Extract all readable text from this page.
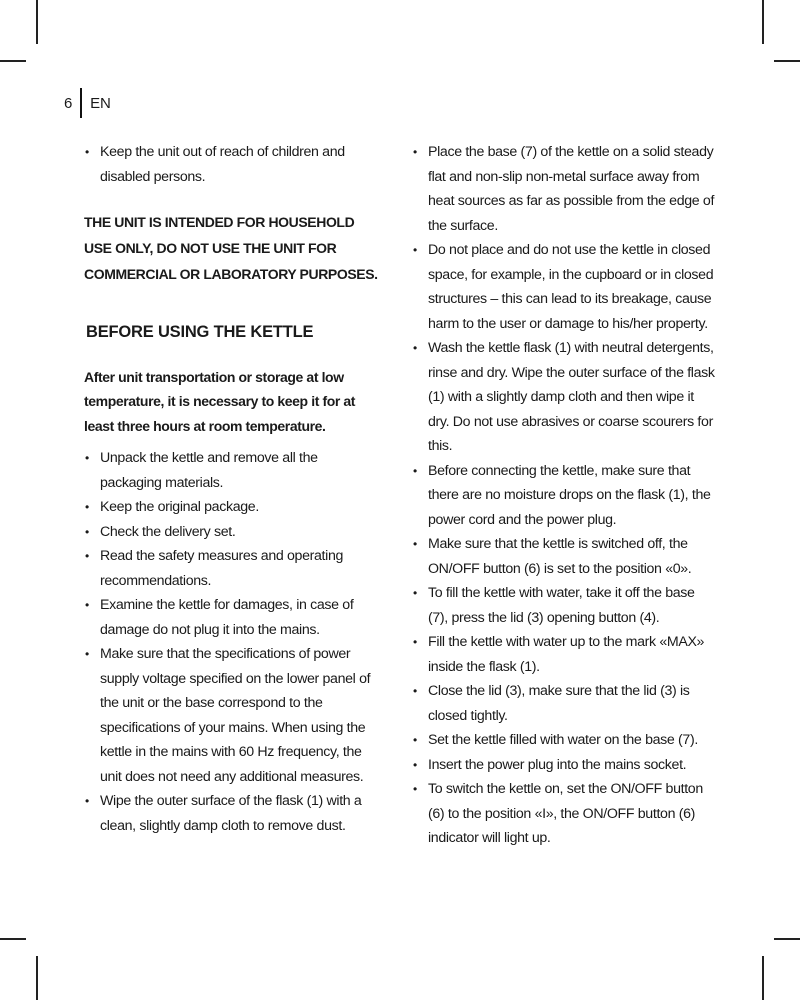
6 EN
• Keep the unit out of reach of children and disabled persons.

THE UNIT IS INTENDED FOR HOUSEHOLD USE ONLY, DO NOT USE THE UNIT FOR COMMERCIAL OR LABORATORY PURPOSES.

BEFORE USING THE KETTLE

After unit transportation or storage at low temperature, it is necessary to keep it for at least three hours at room temperature.

• Unpack the kettle and remove all the packaging materials.
• Keep the original package.
• Check the delivery set.
• Read the safety measures and operating recommendations.
• Examine the kettle for damages, in case of damage do not plug it into the mains.
• Make sure that the specifications of power supply voltage specified on the lower panel of the unit or the base correspond to the specifications of your mains. When using the kettle in the mains with 60 Hz frequency, the unit does not need any additional measures.
• Wipe the outer surface of the flask (1) with a clean, slightly damp cloth to remove dust.
• Place the base (7) of the kettle on a solid steady flat and non-slip non-metal surface away from heat sources as far as possible from the edge of the surface.
• Do not place and do not use the kettle in closed space, for example, in the cupboard or in closed structures – this can lead to its breakage, cause harm to the user or damage to his/her property.
• Wash the kettle flask (1) with neutral detergents, rinse and dry. Wipe the outer surface of the flask (1) with a slightly damp cloth and then wipe it dry. Do not use abrasives or coarse scourers for this.
• Before connecting the kettle, make sure that there are no moisture drops on the flask (1), the power cord and the power plug.
• Make sure that the kettle is switched off, the ON/OFF button (6) is set to the position «0».
• To fill the kettle with water, take it off the base (7), press the lid (3) opening button (4).
• Fill the kettle with water up to the mark «MAX» inside the flask (1).
• Close the lid (3), make sure that the lid (3) is closed tightly.
• Set the kettle filled with water on the base (7).
• Insert the power plug into the mains socket.
• To switch the kettle on, set the ON/OFF button (6) to the position «I», the ON/OFF button (6) indicator will light up.
